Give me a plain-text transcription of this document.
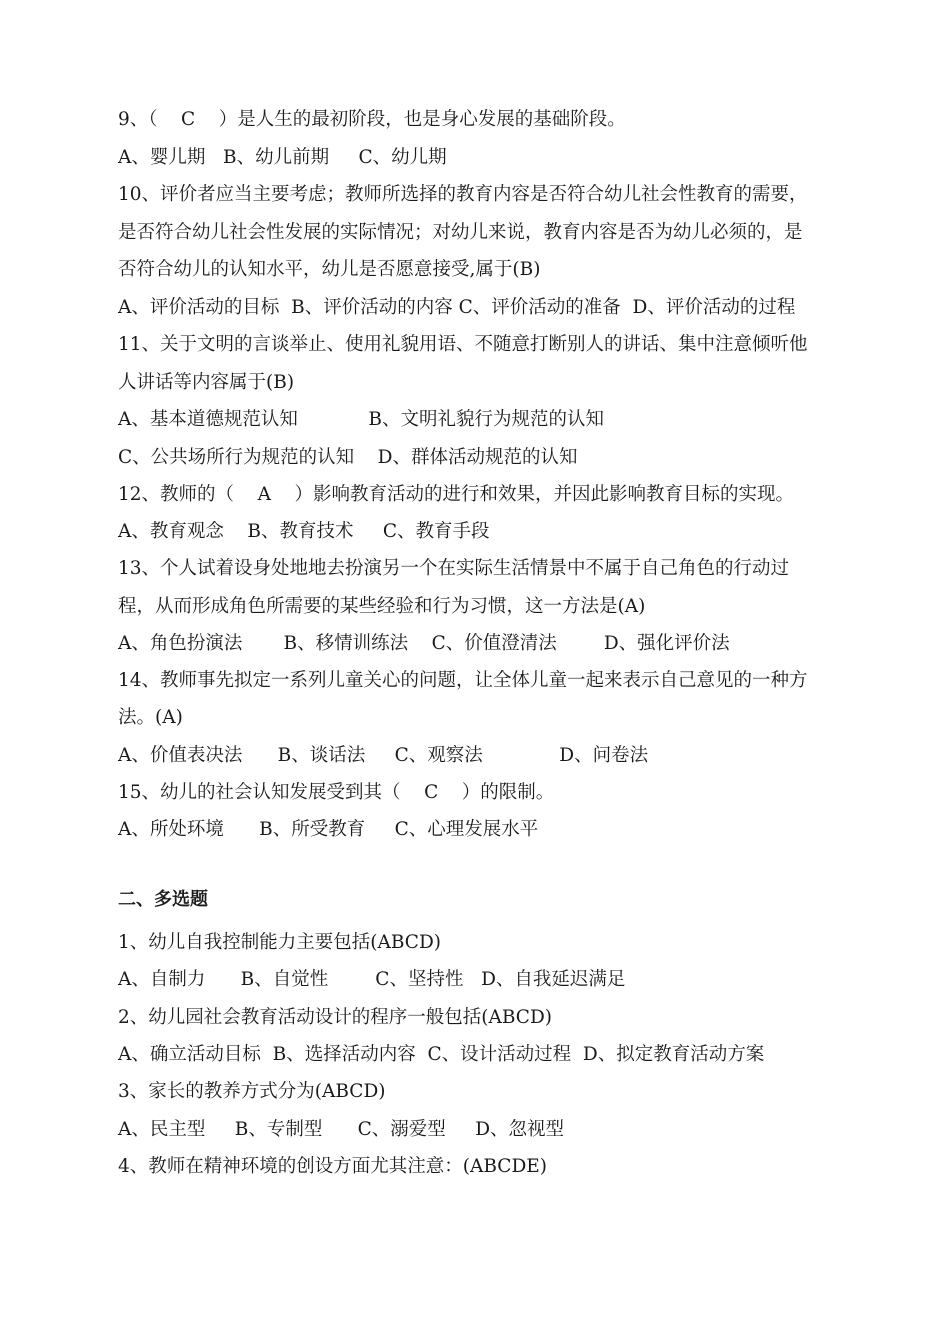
9、（    C    ）是人生的最初阶段，也是身心发展的基础阶段。
A、婴儿期   B、幼儿前期     C、幼儿期
10、评价者应当主要考虑；教师所选择的教育内容是否符合幼儿社会性教育的需要，
是否符合幼儿社会性发展的实际情况；对幼儿来说，教育内容是否为幼儿必须的，是
否符合幼儿的认知水平，幼儿是否愿意接受,属于(B)
A、评价活动的目标  B、评价活动的内容 C、评价活动的准备  D、评价活动的过程
11、关于文明的言谈举止、使用礼貌用语、不随意打断别人的讲话、集中注意倾听他
人讲话等内容属于(B)
A、基本道德规范认知            B、文明礼貌行为规范的认知
C、公共场所行为规范的认知    D、群体活动规范的认知
12、教师的（    A    ）影响教育活动的进行和效果，并因此影响教育目标的实现。
A、教育观念    B、教育技术     C、教育手段
13、个人试着设身处地地去扮演另一个在实际生活情景中不属于自己角色的行动过
程，从而形成角色所需要的某些经验和行为习惯，这一方法是(A)
A、角色扮演法       B、移情训练法    C、价值澄清法        D、强化评价法
14、教师事先拟定一系列儿童关心的问题，让全体儿童一起来表示自己意见的一种方
法。(A)
A、价值表决法      B、谈话法     C、观察法             D、问卷法
15、幼儿的社会认知发展受到其（    C    ）的限制。
A、所处环境      B、所受教育     C、心理发展水平
二、多选题
1、幼儿自我控制能力主要包括(ABCD)
A、自制力      B、自觉性        C、坚持性   D、自我延迟满足
2、幼儿园社会教育活动设计的程序一般包括(ABCD)
A、确立活动目标  B、选择活动内容  C、设计活动过程  D、拟定教育活动方案
3、家长的教养方式分为(ABCD)
A、民主型     B、专制型      C、溺爱型     D、忽视型
4、教师在精神环境的创设方面尤其注意：(ABCDE)
